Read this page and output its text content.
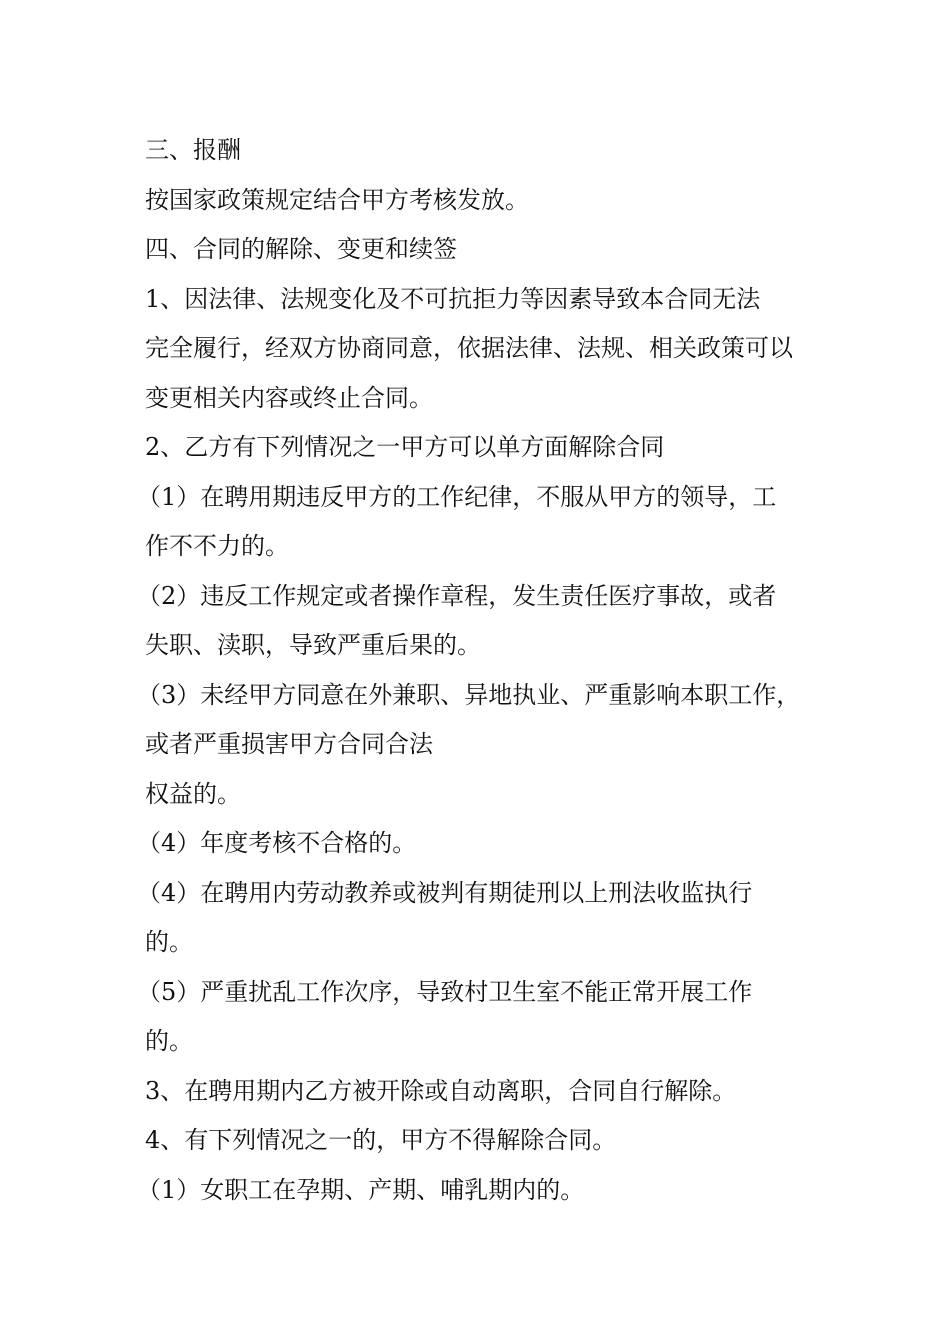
三、报酬
按国家政策规定结合甲方考核发放。
四、合同的解除、变更和续签
1、因法律、法规变化及不可抗拒力等因素导致本合同无法
完全履行，经双方协商同意，依据法律、法规、相关政策可以
变更相关内容或终止合同。
2、乙方有下列情况之一甲方可以单方面解除合同
（1）在聘用期违反甲方的工作纪律，不服从甲方的领导，工
作不不力的。
（2）违反工作规定或者操作章程，发生责任医疗事故，或者
失职、渎职，导致严重后果的。
（3）未经甲方同意在外兼职、异地执业、严重影响本职工作，
或者严重损害甲方合同合法
权益的。
（4）年度考核不合格的。
（4）在聘用内劳动教养或被判有期徒刑以上刑法收监执行
的。
（5）严重扰乱工作次序，导致村卫生室不能正常开展工作
的。
3、在聘用期内乙方被开除或自动离职，合同自行解除。
4、有下列情况之一的，甲方不得解除合同。
（1）女职工在孕期、产期、哺乳期内的。
